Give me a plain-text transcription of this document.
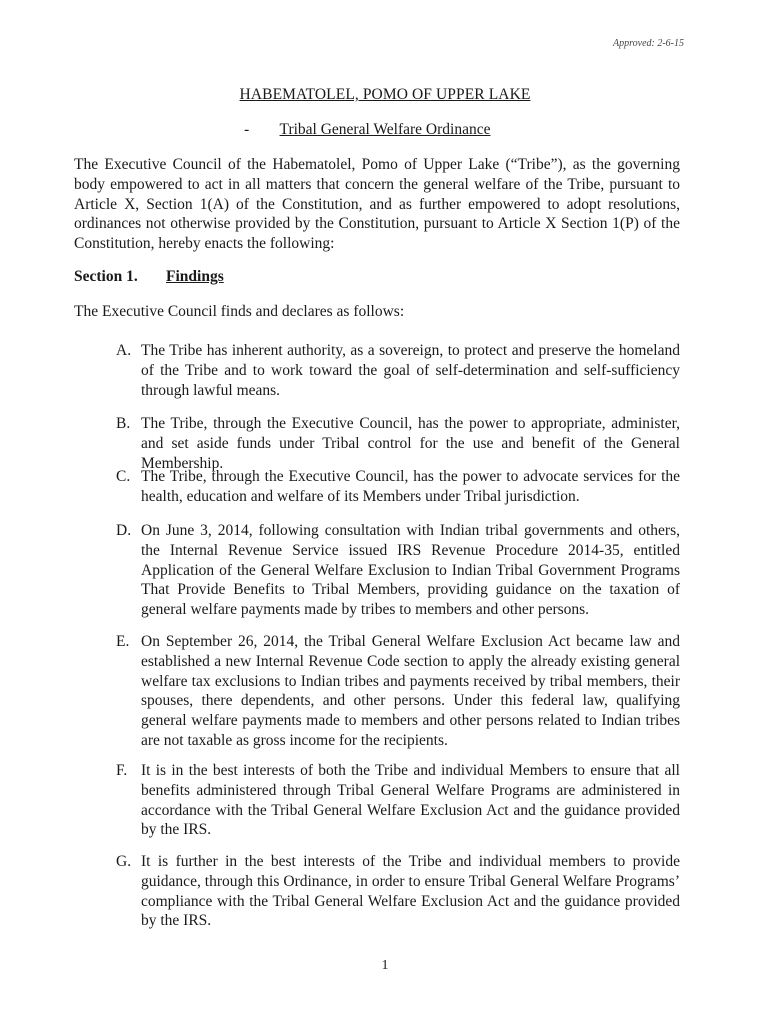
Approved: 2-6-15
HABEMATOLEL, POMO OF UPPER LAKE
- Tribal General Welfare Ordinance
The Executive Council of the Habematolel, Pomo of Upper Lake (“Tribe”), as the governing body empowered to act in all matters that concern the general welfare of the Tribe, pursuant to Article X, Section 1(A) of the Constitution, and as further empowered to adopt resolutions, ordinances not otherwise provided by the Constitution, pursuant to Article X Section 1(P) of the Constitution, hereby enacts the following:
Section 1. Findings
The Executive Council finds and declares as follows:
A. The Tribe has inherent authority, as a sovereign, to protect and preserve the homeland of the Tribe and to work toward the goal of self-determination and self-sufficiency through lawful means.
B. The Tribe, through the Executive Council, has the power to appropriate, administer, and set aside funds under Tribal control for the use and benefit of the General Membership.
C. The Tribe, through the Executive Council, has the power to advocate services for the health, education and welfare of its Members under Tribal jurisdiction.
D. On June 3, 2014, following consultation with Indian tribal governments and others, the Internal Revenue Service issued IRS Revenue Procedure 2014-35, entitled Application of the General Welfare Exclusion to Indian Tribal Government Programs That Provide Benefits to Tribal Members, providing guidance on the taxation of general welfare payments made by tribes to members and other persons.
E. On September 26, 2014, the Tribal General Welfare Exclusion Act became law and established a new Internal Revenue Code section to apply the already existing general welfare tax exclusions to Indian tribes and payments received by tribal members, their spouses, there dependents, and other persons. Under this federal law, qualifying general welfare payments made to members and other persons related to Indian tribes are not taxable as gross income for the recipients.
F. It is in the best interests of both the Tribe and individual Members to ensure that all benefits administered through Tribal General Welfare Programs are administered in accordance with the Tribal General Welfare Exclusion Act and the guidance provided by the IRS.
G. It is further in the best interests of the Tribe and individual members to provide guidance, through this Ordinance, in order to ensure Tribal General Welfare Programs’ compliance with the Tribal General Welfare Exclusion Act and the guidance provided by the IRS.
1
